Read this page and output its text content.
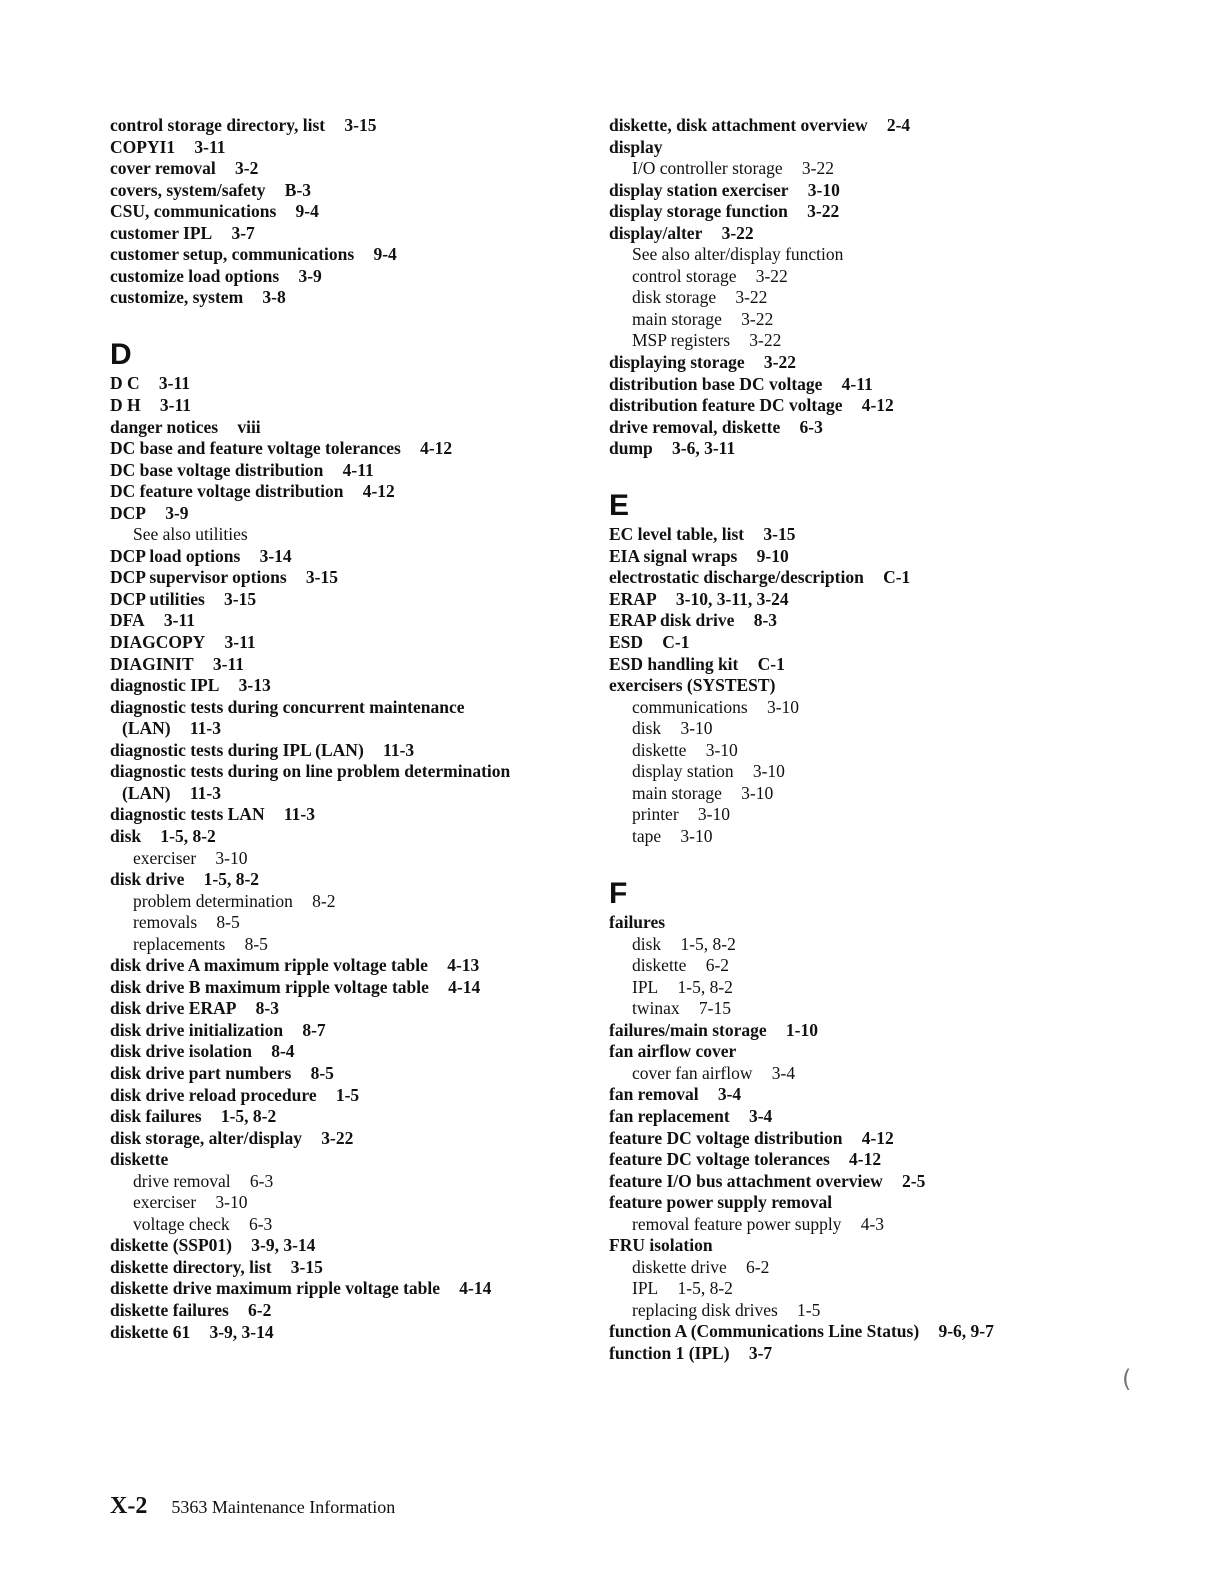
control storage directory, list 3-15
COPYI1 3-11
cover removal 3-2
covers, system/safety B-3
CSU, communications 9-4
customer IPL 3-7
customer setup, communications 9-4
customize load options 3-9
customize, system 3-8
D
D C 3-11
D H 3-11
danger notices viii
DC base and feature voltage tolerances 4-12
DC base voltage distribution 4-11
DC feature voltage distribution 4-12
DCP 3-9
See also utilities
DCP load options 3-14
DCP supervisor options 3-15
DCP utilities 3-15
DFA 3-11
DIAGCOPY 3-11
DIAGINIT 3-11
diagnostic IPL 3-13
diagnostic tests during concurrent maintenance
(LAN) 11-3
diagnostic tests during IPL (LAN) 11-3
diagnostic tests during on line problem determination
(LAN) 11-3
diagnostic tests LAN 11-3
disk 1-5, 8-2
exerciser 3-10
disk drive 1-5, 8-2
problem determination 8-2
removals 8-5
replacements 8-5
disk drive A maximum ripple voltage table 4-13
disk drive B maximum ripple voltage table 4-14
disk drive ERAP 8-3
disk drive initialization 8-7
disk drive isolation 8-4
disk drive part numbers 8-5
disk drive reload procedure 1-5
disk failures 1-5, 8-2
disk storage, alter/display 3-22
diskette
drive removal 6-3
exerciser 3-10
voltage check 6-3
diskette (SSP01) 3-9, 3-14
diskette directory, list 3-15
diskette drive maximum ripple voltage table 4-14
diskette failures 6-2
diskette 61 3-9, 3-14
diskette, disk attachment overview 2-4
display
I/O controller storage 3-22
display station exerciser 3-10
display storage function 3-22
display/alter 3-22
See also alter/display function
control storage 3-22
disk storage 3-22
main storage 3-22
MSP registers 3-22
displaying storage 3-22
distribution base DC voltage 4-11
distribution feature DC voltage 4-12
drive removal, diskette 6-3
dump 3-6, 3-11
E
EC level table, list 3-15
EIA signal wraps 9-10
electrostatic discharge/description C-1
ERAP 3-10, 3-11, 3-24
ERAP disk drive 8-3
ESD C-1
ESD handling kit C-1
exercisers (SYSTEST)
communications 3-10
disk 3-10
diskette 3-10
display station 3-10
main storage 3-10
printer 3-10
tape 3-10
F
failures
disk 1-5, 8-2
diskette 6-2
IPL 1-5, 8-2
twinax 7-15
failures/main storage 1-10
fan airflow cover
cover fan airflow 3-4
fan removal 3-4
fan replacement 3-4
feature DC voltage distribution 4-12
feature DC voltage tolerances 4-12
feature I/O bus attachment overview 2-5
feature power supply removal
removal feature power supply 4-3
FRU isolation
diskette drive 6-2
IPL 1-5, 8-2
replacing disk drives 1-5
function A (Communications Line Status) 9-6, 9-7
function 1 (IPL) 3-7
X-2 5363 Maintenance Information
(
